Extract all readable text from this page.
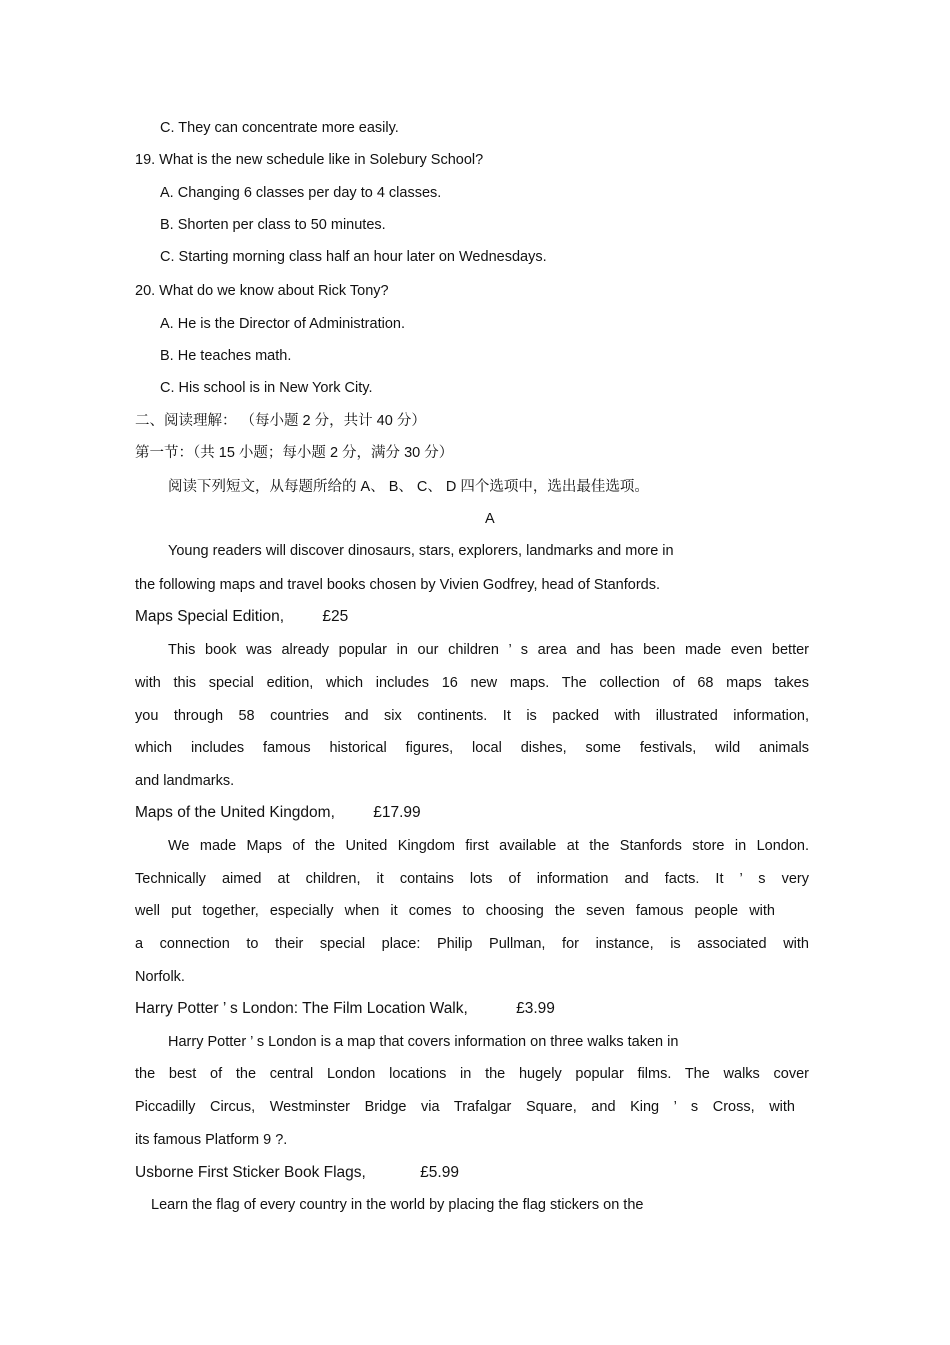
C. They can concentrate more easily.
19. What is the new schedule like in Solebury School?
A. Changing 6 classes per day to 4 classes.
B. Shorten per class to 50 minutes.
C. Starting morning class half an hour later on Wednesdays.
20. What do we know about Rick Tony?
A. He is the Director of Administration.
B. He teaches math.
C. His school is in New York City.
二、阅读理解： （每小题 2 分，共计 40 分）
第一节：（共 15 小题；每小题 2 分，满分 30 分）
阅读下列短文，从每题所给的 A、 B、 C、 D 四个选项中，选出最佳选项。
A
Young readers will discover dinosaurs, stars, explorers, landmarks and more in
the following maps and travel books chosen by Vivien Godfrey, head of Stanfords.
Maps Special Edition, £25
This book was already popular in our children ’ s area and has been made even better
with this special edition, which includes 16 new maps. The collection of 68 maps takes
you through 58 countries and six continents. It is packed with illustrated information,
which includes famous historical figures, local dishes, some festivals, wild animals
and landmarks.
Maps of the United Kingdom, £17.99
We made Maps of the United Kingdom first available at the Stanfords store in London.
Technically aimed at children, it contains lots of information and facts. It ’ s very
well put together, especially when it comes to choosing the seven famous people with
a connection to their special place: Philip Pullman, for instance, is associated with
Norfolk.
Harry Potter ’ s London: The Film Location Walk,	£3.99
Harry Potter ’ s London is a map that covers information on three walks taken in
the best of the central London locations in the hugely popular films. The walks cover
Piccadilly Circus, Westminster Bridge via Trafalgar Square, and King ’ s Cross, with
its famous Platform 9 ?.
Usborne First Sticker Book Flags,	£5.99
Learn the flag of every country in the world by placing the flag stickers on the
